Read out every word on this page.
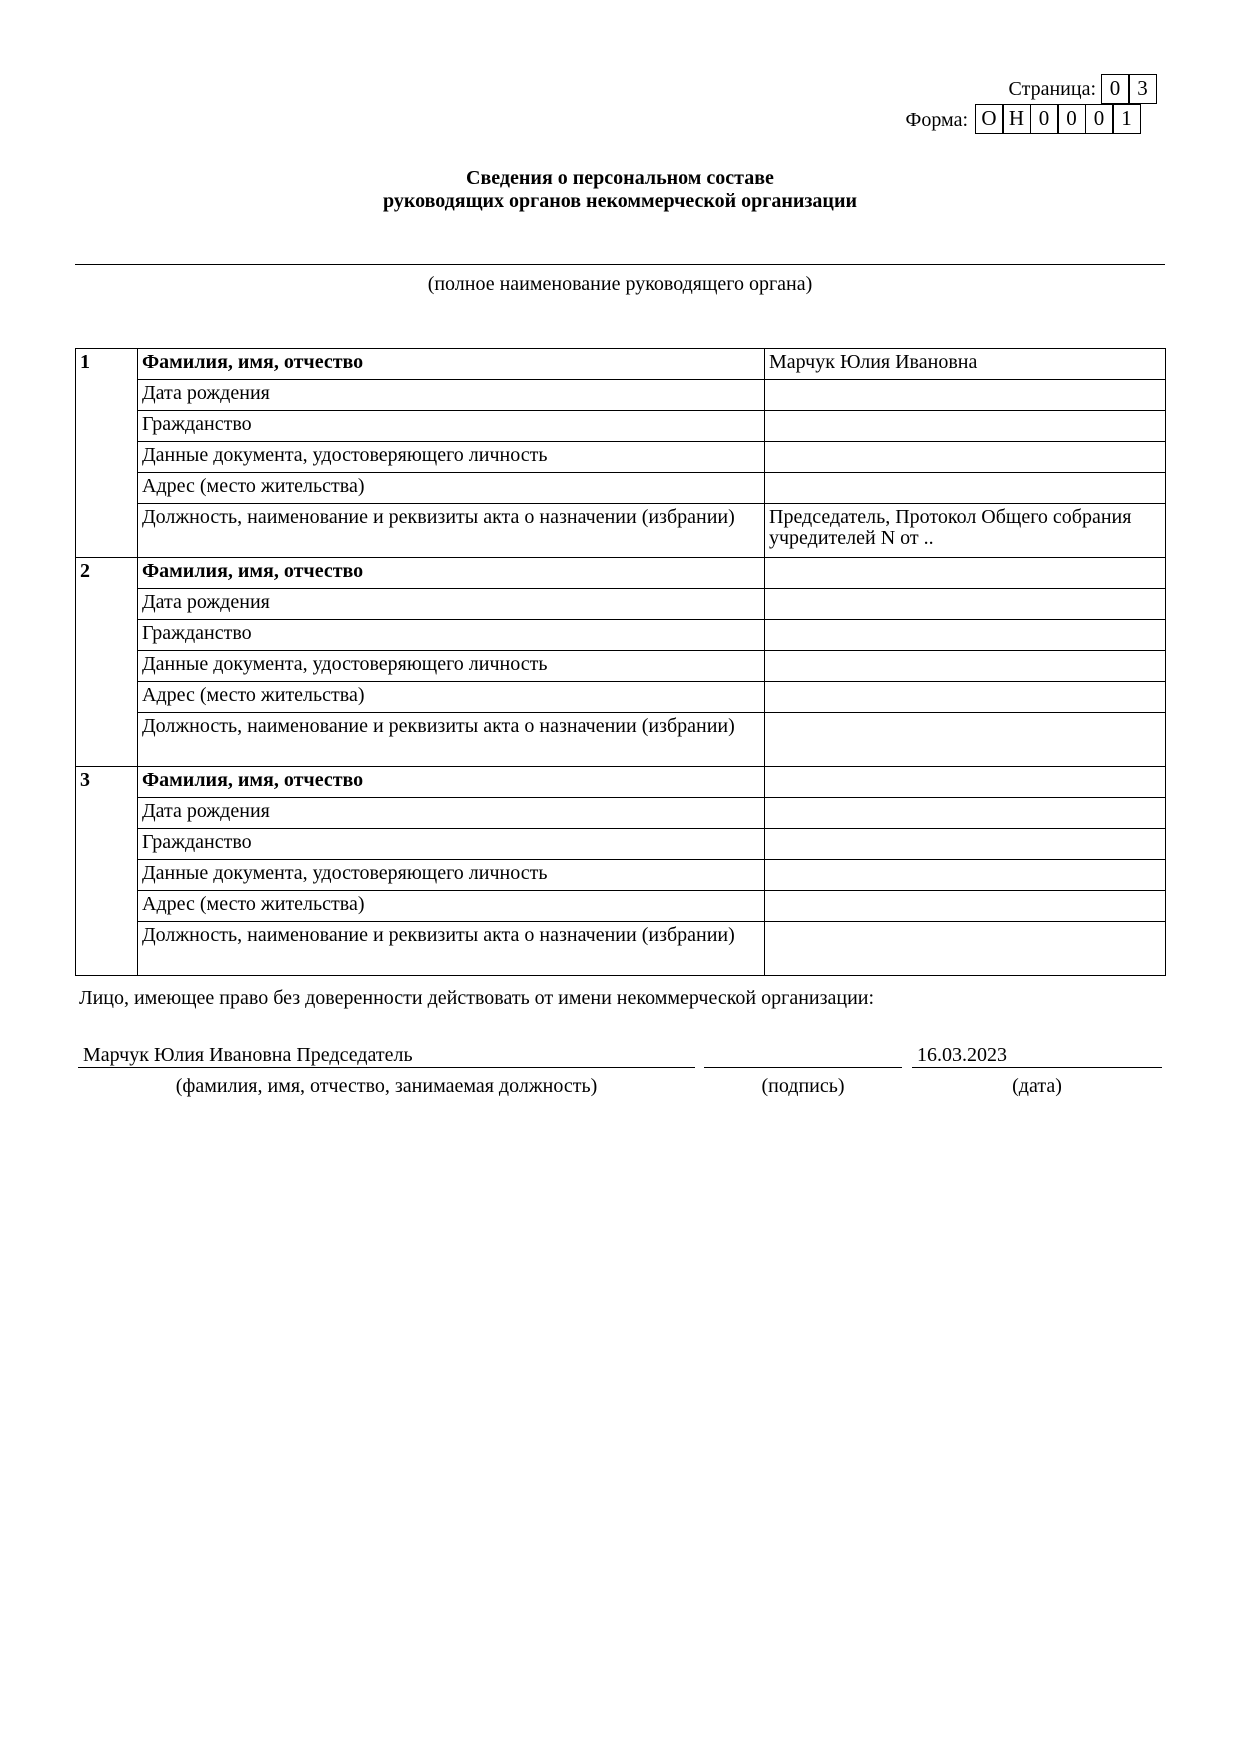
Страница: 0 3
Форма: О Н 0 0 0 1
Сведения о персональном составе
руководящих органов некоммерческой организации
(полное наименование руководящего органа)
1	Фамилия, имя, отчество	Марчук Юлия Ивановна
	Дата рождения	
	Гражданство	
	Данные документа, удостоверяющего личность	
	Адрес (место жительства)	
	Должность, наименование и реквизиты акта о назначении (избрании)	Председатель, Протокол Общего собрания учредителей N от ..
2	Фамилия, имя, отчество	
	Дата рождения	
	Гражданство	
	Данные документа, удостоверяющего личность	
	Адрес (место жительства)	
	Должность, наименование и реквизиты акта о назначении (избрании)	
3	Фамилия, имя, отчество	
	Дата рождения	
	Гражданство	
	Данные документа, удостоверяющего личность	
	Адрес (место жительства)	
	Должность, наименование и реквизиты акта о назначении (избрании)	
Лицо, имеющее право без доверенности действовать от имени некоммерческой организации:
Марчук Юлия Ивановна Председатель	16.03.2023
(фамилия, имя, отчество, занимаемая должность)	(подпись)	(дата)
